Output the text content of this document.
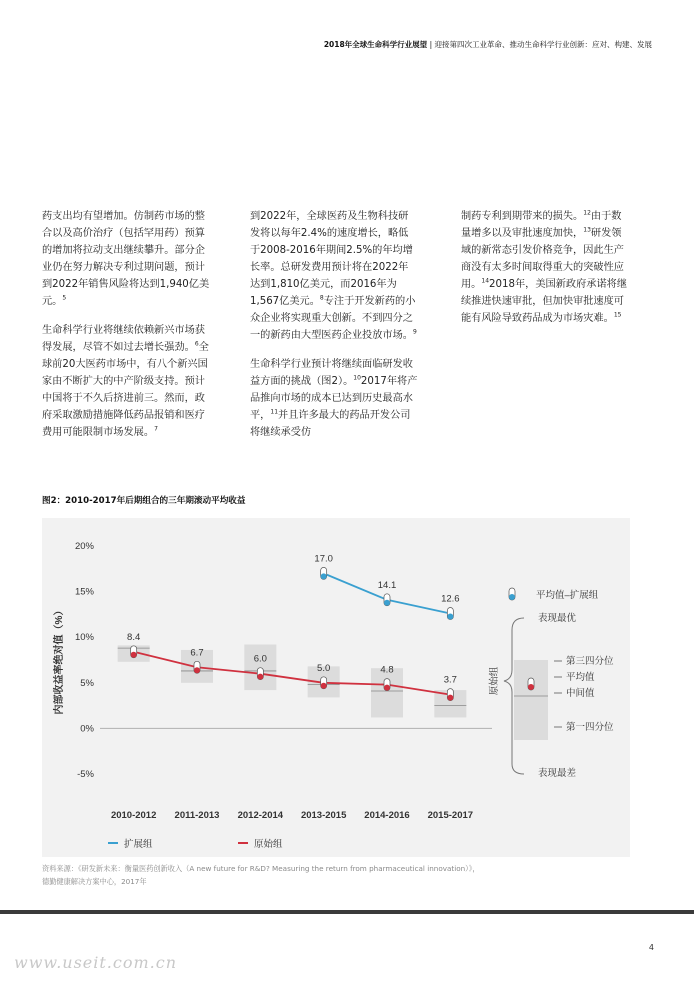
2018年全球生命科学行业展望 | 迎接第四次工业革命、推动生命科学行业创新：应对、构建、发展

药支出均有望增加。仿制药市场的整合以及高价治疗（包括罕用药）预算的增加将拉动支出继续攀升。部分企业仍在努力解决专利过期问题，预计到2022年销售风险将达到1,940亿美元。$^5$

生命科学行业将继续依赖新兴市场获得发展，尽管不如过去增长强劲。$^6$全球前20大医药市场中，有八个新兴国家由不断扩大的中产阶级支持。预计中国将于不久后挤进前三。然而，政府采取激励措施降低药品报销和医疗费用可能限制市场发展。$^7$

到2022年，全球医药及生物科技研发将以每年2.4%的速度增长，略低于2008-2016年期间2.5%的年均增长率。总研发费用预计将在2022年达到1,810亿美元，而2016年为1,567亿美元。$^8$专注于开发新药的小众企业将实现重大创新。不到四分之一的新药由大型医药企业投放市场。$^9$

生命科学行业预计将继续面临研发收益方面的挑战（图2）。$^{10}$2017年将产品推向市场的成本已达到历史最高水平，$^{11}$并且许多最大的药品开发公司将继续承受仿

制药专利到期带来的损失。$^{12}$由于数量增多以及审批速度加快，$^{13}$研发领域的新常态引发价格竞争，因此生产商没有太多时间取得重大的突破性应用。$^{14}$2018年，美国新政府承诺将继续推进快速审批，但加快审批速度可能有风险导致药品成为市场灾难。$^{15}$

图2：2010-2017年后期组合的三年期滚动平均收益
20%
15%
10%
5%
0%
-5%
内部收益率绝对值（%）
17.0
14.1
12.6
8.4
6.7
6.0
5.0	4.8
3.7
2010-2012 2011-2013 2012-2014 2013-2015 2014-2016 2015-2017
扩展组	原始组
平均值–扩展组
原始组
表现最优
第三四分位
平均值
中间值
第一四分位
表现最差
资料来源：《研发新未来：衡量医药创新收入（A new future for R&D? Measuring the return from pharmaceutical innovation）》，
德勤健康解决方案中心，2017年
4
www.useit.com.cn
